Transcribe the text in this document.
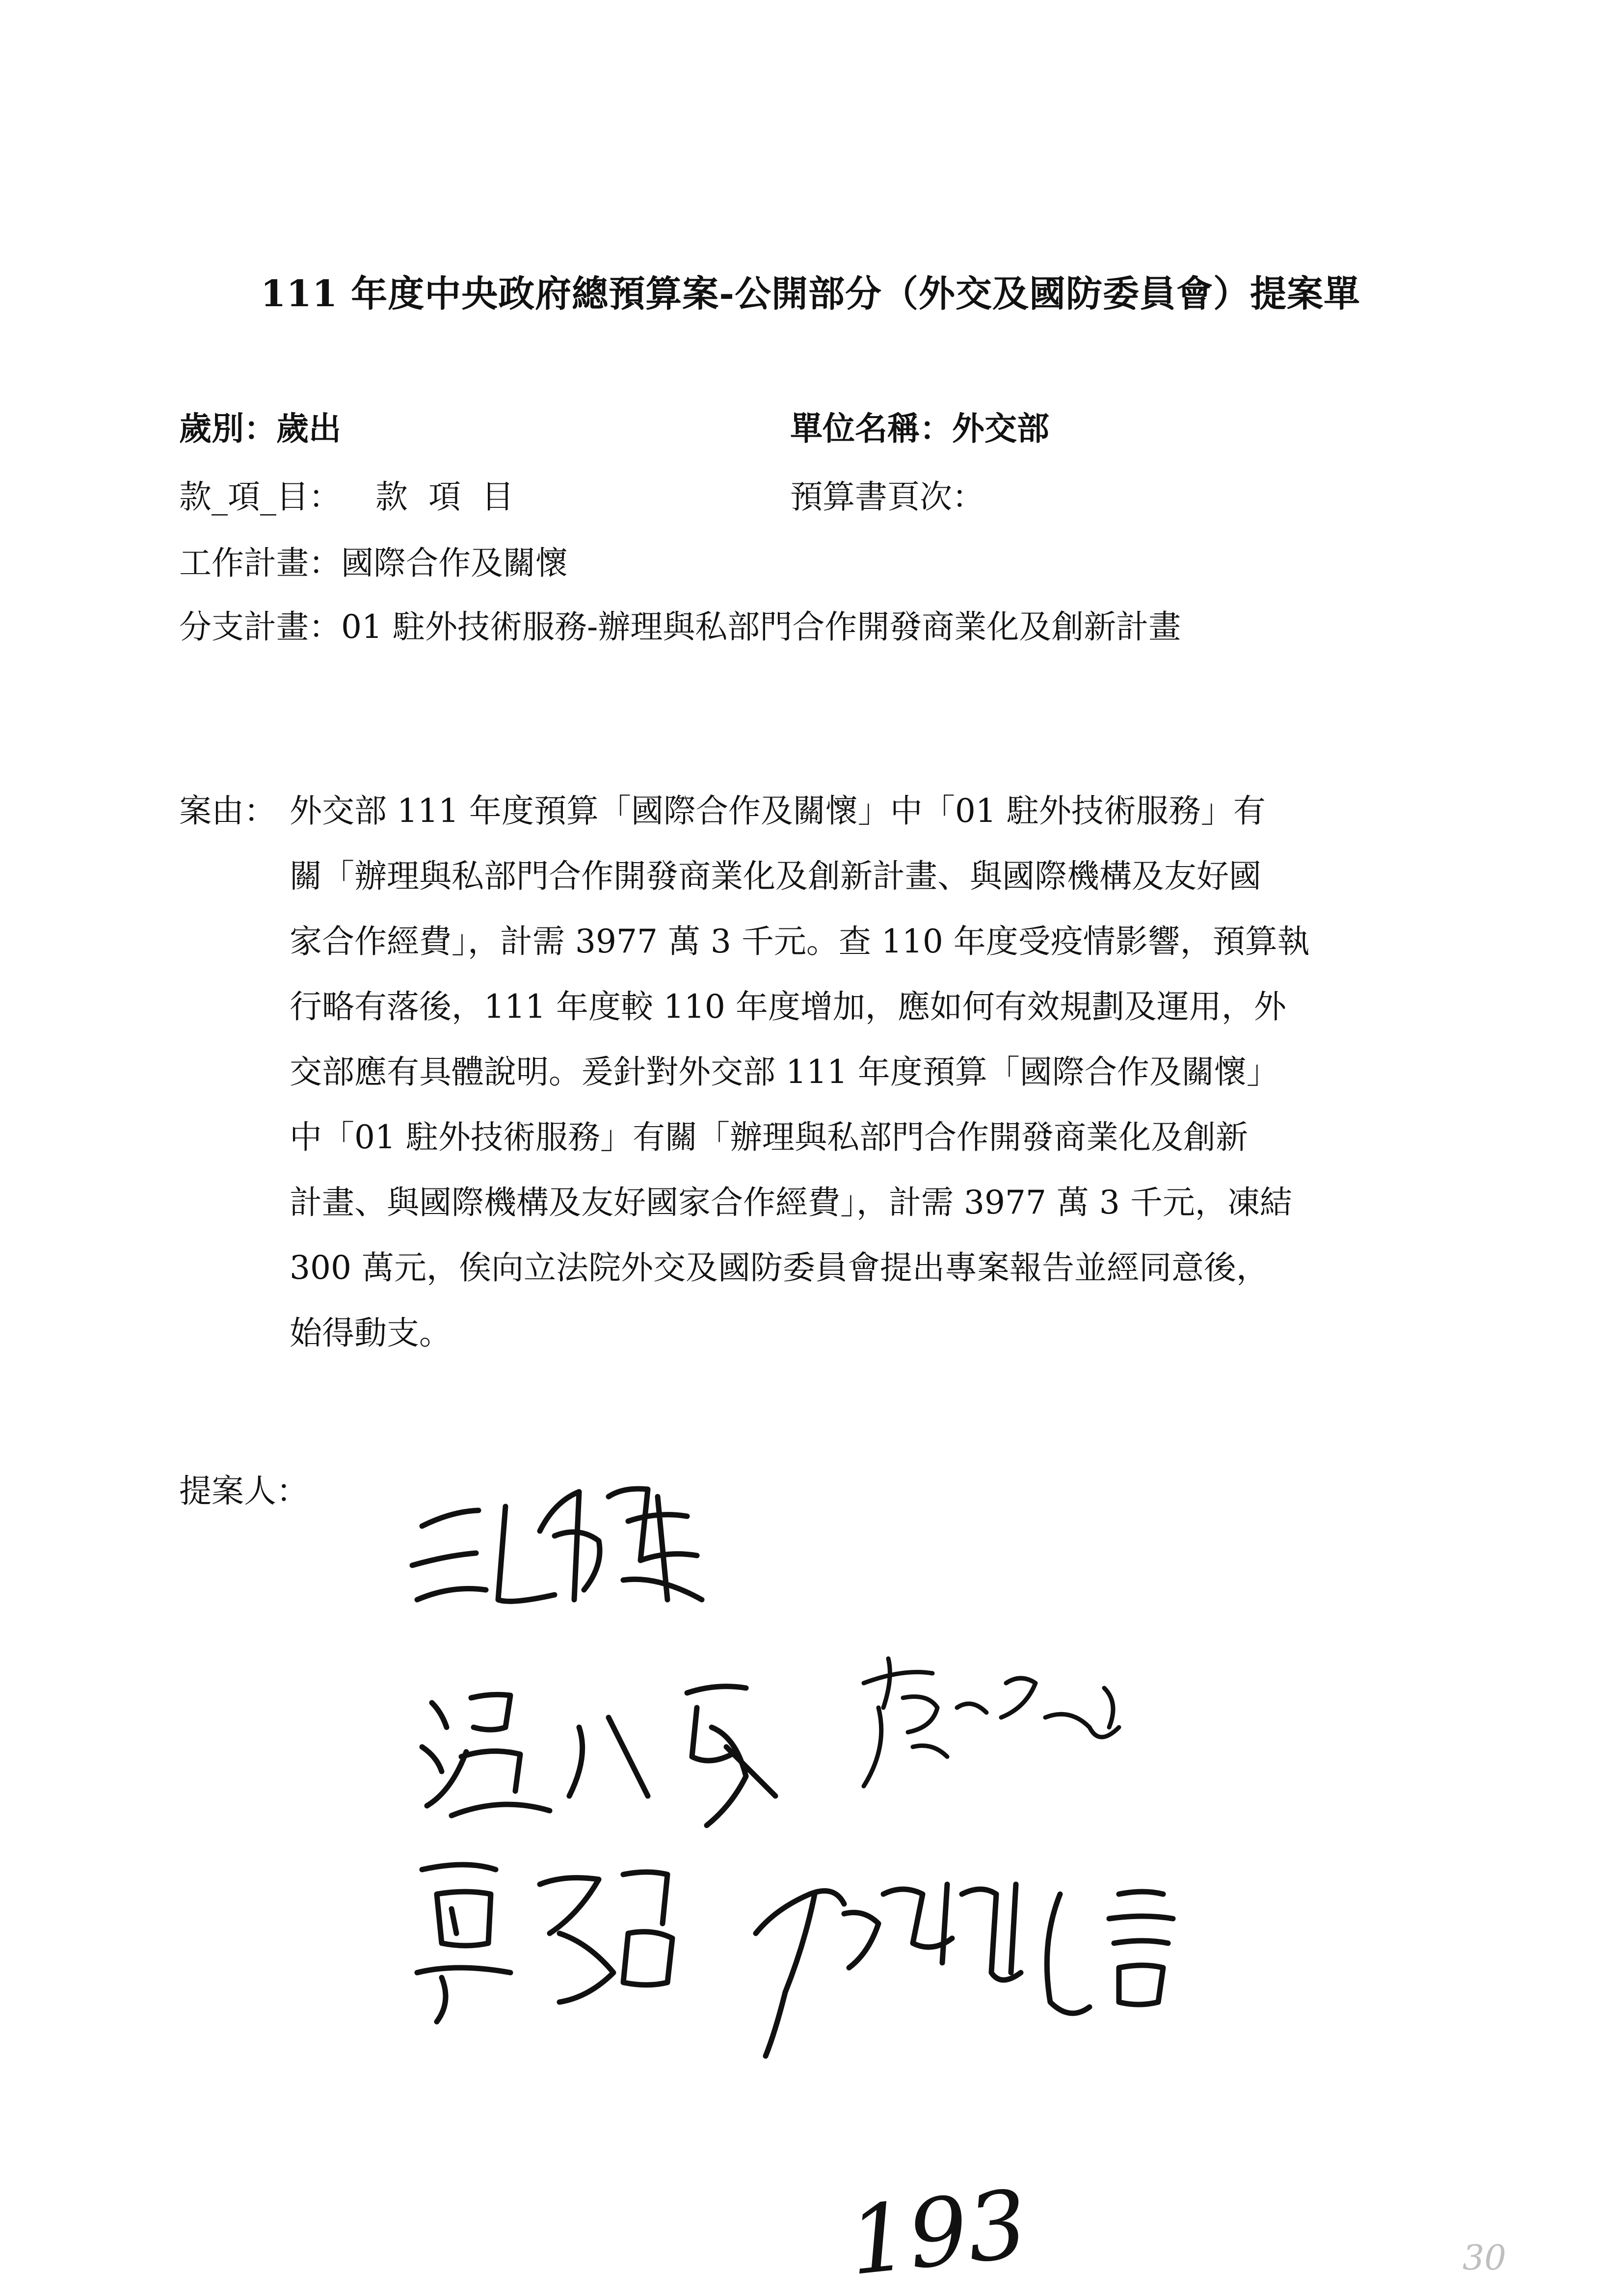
111 年度中央政府總預算案-公開部分（外交及國防委員會）提案單
歲別：歲出	單位名稱：外交部
款_項_目： 款項目	預算書頁次：
工作計畫：國際合作及關懷
分支計畫：01 駐外技術服務-辦理與私部門合作開發商業化及創新計畫
案由： 外交部 111 年度預算「國際合作及關懷」中「01 駐外技術服務」有
關「辦理與私部門合作開發商業化及創新計畫、與國際機構及友好國
家合作經費」，計需 3977 萬 3 千元。查 110 年度受疫情影響，預算執
行略有落後，111 年度較 110 年度增加，應如何有效規劃及運用，外
交部應有具體說明。爰針對外交部 111 年度預算「國際合作及關懷」
中「01 駐外技術服務」有關「辦理與私部門合作開發商業化及創新
計畫、與國際機構及友好國家合作經費」，計需 3977 萬 3 千元，凍結
300 萬元，俟向立法院外交及國防委員會提出專案報告並經同意後，
始得動支。
提案人：
193	30
